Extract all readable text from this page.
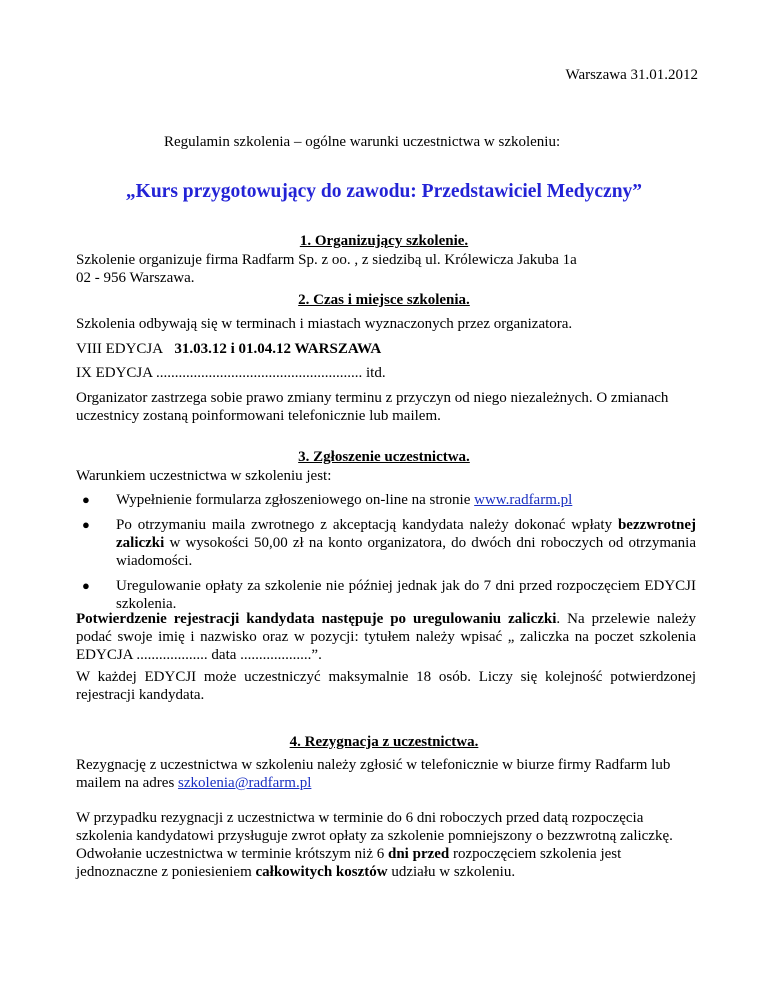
Warszawa 31.01.2012
Regulamin szkolenia – ogólne warunki uczestnictwa w szkoleniu:
„Kurs przygotowujący do zawodu: Przedstawiciel Medyczny”
1. Organizujący szkolenie.
Szkolenie organizuje firma Radfarm Sp. z oo. , z siedzibą ul. Królewicza Jakuba 1a
02 - 956 Warszawa.
2. Czas i miejsce szkolenia.
Szkolenia odbywają się w terminach i miastach wyznaczonych przez organizatora.
VIII EDYCJA 31.03.12 i 01.04.12 WARSZAWA
IX EDYCJA ....................................................... itd.
Organizator zastrzega sobie prawo zmiany terminu z przyczyn od niego niezależnych. O zmianach uczestnicy zostaną poinformowani telefonicznie lub mailem.
3. Zgłoszenie uczestnictwa.
Warunkiem uczestnictwa w szkoleniu jest:
● Wypełnienie formularza zgłoszeniowego on-line na stronie www.radfarm.pl
● Po otrzymaniu maila zwrotnego z akceptacją kandydata należy dokonać wpłaty bezzwrotnej zaliczki w wysokości 50,00 zł na konto organizatora, do dwóch dni roboczych od otrzymania wiadomości.
● Uregulowanie opłaty za szkolenie nie później jednak jak do 7 dni przed rozpoczęciem EDYCJI szkolenia.
Potwierdzenie rejestracji kandydata następuje po uregulowaniu zaliczki. Na przelewie należy podać swoje imię i nazwisko oraz w pozycji: tytułem należy wpisać „ zaliczka na poczet szkolenia EDYCJA ................... data ...................”.
W każdej EDYCJI może uczestniczyć maksymalnie 18 osób. Liczy się kolejność potwierdzonej rejestracji kandydata.
4. Rezygnacja z uczestnictwa.
Rezygnację z uczestnictwa w szkoleniu należy zgłosić w telefonicznie w biurze firmy Radfarm lub
mailem na adres szkolenia@radfarm.pl
W przypadku rezygnacji z uczestnictwa w terminie do 6 dni roboczych przed datą rozpoczęcia
szkolenia kandydatowi przysługuje zwrot opłaty za szkolenie pomniejszony o bezzwrotną zaliczkę.
Odwołanie uczestnictwa w terminie krótszym niż 6 dni przed rozpoczęciem szkolenia jest
jednoznaczne z poniesieniem całkowitych kosztów udziału w szkoleniu.
